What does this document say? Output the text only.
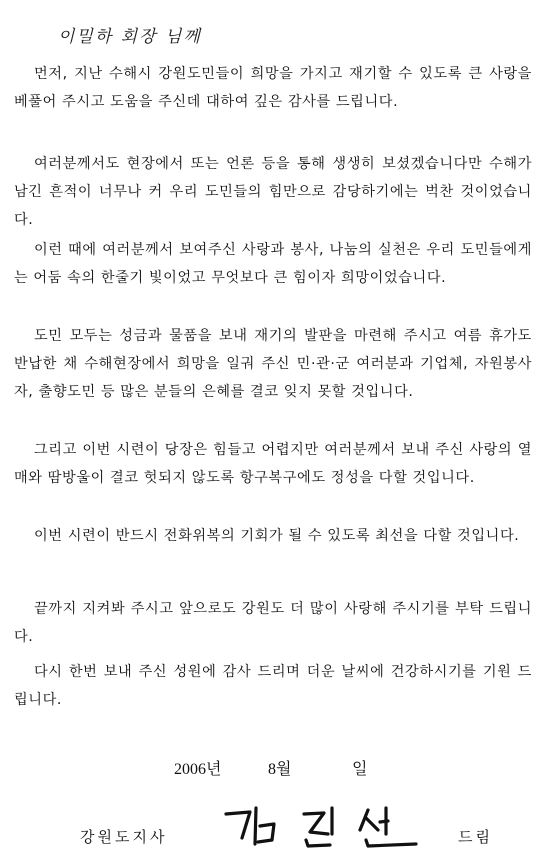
이밀하 회장 님께

먼저, 지난 수해시 강원도민들이 희망을 가지고 재기할 수 있도록 큰 사랑을 베풀어 주시고 도움을 주신데 대하여 깊은 감사를 드립니다.

여러분께서도 현장에서 또는 언론 등을 통해 생생히 보셨겠습니다만 수해가 남긴 흔적이 너무나 커 우리 도민들의 힘만으로 감당하기에는 벅찬 것이었습니다.

이런 때에 여러분께서 보여주신 사랑과 봉사, 나눔의 실천은 우리 도민들에게는 어둠 속의 한줄기 빛이었고 무엇보다 큰 힘이자 희망이었습니다.

도민 모두는 성금과 물품을 보내 재기의 발판을 마련해 주시고 여름 휴가도 반납한 채 수해현장에서 희망을 일궈 주신 민·관·군 여러분과 기업체, 자원봉사자, 출향도민 등 많은 분들의 은혜를 결코 잊지 못할 것입니다.

그리고 이번 시련이 당장은 힘들고 어렵지만 여러분께서 보내 주신 사랑의 열매와 땀방울이 결코 헛되지 않도록 항구복구에도 정성을 다할 것입니다.

이번 시련이 반드시 전화위복의 기회가 될 수 있도록 최선을 다할 것입니다.

끝까지 지켜봐 주시고 앞으로도 강원도 더 많이 사랑해 주시기를 부탁 드립니다.

다시 한번 보내 주신 성원에 감사 드리며 더운 날씨에 건강하시기를 기원 드립니다.

2006년	8월	일
강원도지사	드림
